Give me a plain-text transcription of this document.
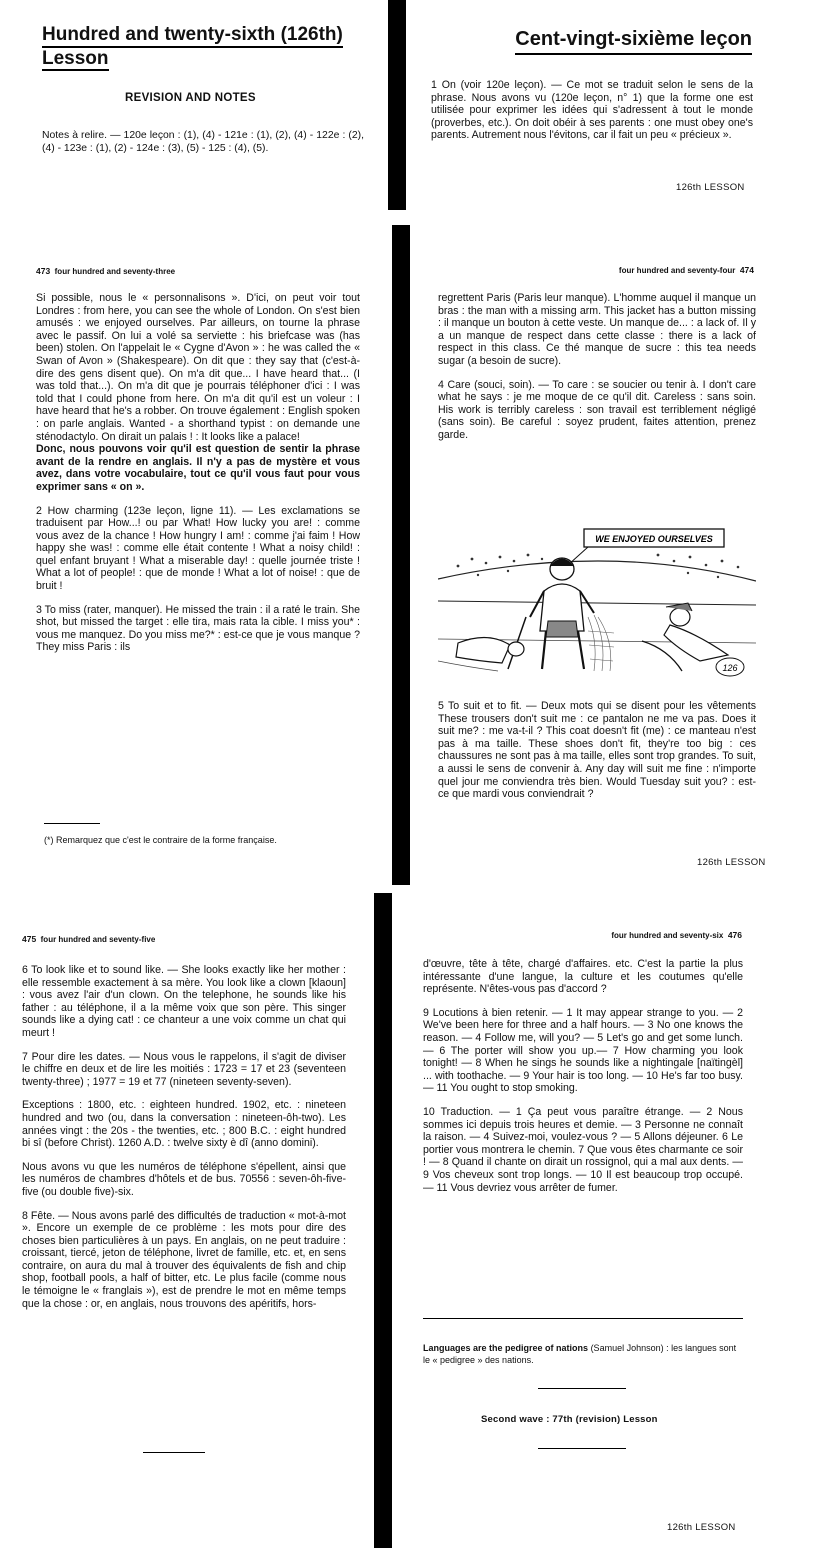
Hundred and twenty-sixth (126th)
Lesson
REVISION AND NOTES
Notes à relire. — 120e leçon : (1), (4) - 121e : (1), (2), (4) - 122e : (2), (4) - 123e : (1), (2) - 124e : (3), (5) - 125 : (4), (5).
Cent-vingt-sixième leçon
1 On (voir 120e leçon). — Ce mot se traduit selon le sens de la phrase. Nous avons vu (120e leçon, n° 1) que la forme one est utilisée pour exprimer les idées qui s'adressent à tout le monde (proverbes, etc.). On doit obéir à ses parents : one must obey one's parents. Autrement nous l'évitons, car il fait un peu « précieux ».
126th LESSON
473 four hundred and seventy-three

Si possible, nous le « personnalisons ». D'ici, on peut voir tout Londres : from here, you can see the whole of London. On s'est bien amusés : we enjoyed ourselves. Par ailleurs, on tourne la phrase avec le passif. On lui a volé sa serviette : his briefcase was (has been) stolen. On l'appelait le « Cygne d'Avon » : he was called the « Swan of Avon » (Shakespeare). On dit que : they say that (c'est-à-dire des gens disent que). On m'a dit que... I have heard that... (I was told that...). On m'a dit que je pourrais téléphoner d'ici : I was told that I could phone from here. On m'a dit qu'il est un voleur : I have heard that he's a robber. On trouve également : English spoken : on parle anglais. Wanted - a shorthand typist : on demande une sténodactylo. On dirait un palais ! : It looks like a palace!

Donc, nous pouvons voir qu'il est question de sentir la phrase avant de la rendre en anglais. Il n'y a pas de mystère et vous avez, dans votre vocabulaire, tout ce qu'il vous faut pour vous exprimer sans « on ».

2 How charming (123e leçon, ligne 11). — Les exclamations se traduisent par How...! ou par What! How lucky you are! : comme vous avez de la chance ! How hungry I am! : comme j'ai faim ! How happy she was! : comme elle était contente ! What a noisy child! : quel enfant bruyant ! What a miserable day! : quelle journée triste ! What a lot of people! : que de monde ! What a lot of noise! : que de bruit !

3 To miss (rater, manquer). He missed the train : il a raté le train. She shot, but missed the target : elle tira, mais rata la cible. I miss you* : vous me manquez. Do you miss me?* : est-ce que je vous manque ? They miss Paris : ils

(*) Remarquez que c'est le contraire de la forme française.
four hundred and seventy-four 474

regrettent Paris (Paris leur manque). L'homme auquel il manque un bras : the man with a missing arm. This jacket has a button missing : il manque un bouton à cette veste. Un manque de... : a lack of. Il y a un manque de respect dans cette classe : there is a lack of respect in this class. Ce thé manque de sucre : this tea needs sugar (a besoin de sucre).

4 Care (souci, soin). — To care : se soucier ou tenir à. I don't care what he says : je me moque de ce qu'il dit. Careless : sans soin. His work is terribly careless : son travail est terriblement négligé (sans soin). Be careful : soyez prudent, faites attention, prenez garde.

WE ENJOYED OURSELVES
126
5 To suit et to fit. — Deux mots qui se disent pour les vêtements These trousers don't suit me : ce pantalon ne me va pas. Does it suit me? : me va-t-il ? This coat doesn't fit (me) : ce manteau n'est pas à ma taille. These shoes don't fit, they're too big : ces chaussures ne sont pas à ma taille, elles sont trop grandes. To suit, a aussi le sens de convenir à. Any day will suit me fine : n'importe quel jour me conviendra très bien. Would Tuesday suit you? : est-ce que mardi vous conviendrait ?
126th LESSON
475 four hundred and seventy-five

6 To look like et to sound like. — She looks exactly like her mother : elle ressemble exactement à sa mère. You look like a clown [klaoun] : vous avez l'air d'un clown. On the telephone, he sounds like his father : au téléphone, il a la même voix que son père. This singer sounds like a dying cat! : ce chanteur a une voix comme un chat qui meurt !

7 Pour dire les dates. — Nous vous le rappelons, il s'agit de diviser le chiffre en deux et de lire les moitiés : 1723 = 17 et 23 (seventeen twenty-three) ; 1977 = 19 et 77 (nineteen seventy-seven).

Exceptions : 1800, etc. : eighteen hundred. 1902, etc. : nineteen hundred and two (ou, dans la conversation : nineteen-ôh-two). Les années vingt : the 20s - the twenties, etc. ; 800 B.C. : eight hundred bi sî (before Christ). 1260 A.D. : twelve sixty è dî (anno domini).

Nous avons vu que les numéros de téléphone s'épellent, ainsi que les numéros de chambres d'hôtels et de bus. 70556 : seven-ôh-five-five (ou double five)-six.

8 Fête. — Nous avons parlé des difficultés de traduction « mot-à-mot ». Encore un exemple de ce problème : les mots pour dire des choses bien particulières à un pays. En anglais, on ne peut traduire : croissant, tiercé, jeton de téléphone, livret de famille, etc. et, en sens contraire, on aura du mal à trouver des équivalents de fish and chip shop, football pools, a half of bitter, etc. Le plus facile (comme nous le témoigne le « franglais »), est de prendre le mot en même temps que la chose : or, en anglais, nous trouvons des apéritifs, hors-

four hundred and seventy-six 476

d'œuvre, tête à tête, chargé d'affaires. etc. C'est la partie la plus intéressante d'une langue, la culture et les coutumes qu'elle représente. N'êtes-vous pas d'accord ?

9 Locutions à bien retenir. — 1 It may appear strange to you. — 2 We've been here for three and a half hours. — 3 No one knows the reason. — 4 Follow me, will you? — 5 Let's go and get some lunch. — 6 The porter will show you up.— 7 How charming you look tonight! — 8 When he sings he sounds like a nightingale [naïtingèl] ... with toothache. — 9 Your hair is too long. — 10 He's far too busy. — 11 You ought to stop smoking.

10 Traduction. — 1 Ça peut vous paraître étrange. — 2 Nous sommes ici depuis trois heures et demie. — 3 Personne ne connaît la raison. — 4 Suivez-moi, voulez-vous ? — 5 Allons déjeuner. 6 Le portier vous montrera le chemin. 7 Que vous êtes charmante ce soir ! — 8 Quand il chante on dirait un rossignol, qui a mal aux dents. — 9 Vos cheveux sont trop longs. — 10 Il est beaucoup trop occupé. — 11 Vous devriez vous arrêter de fumer.

Languages are the pedigree of nations (Samuel Johnson) : les langues sont le « pedigree » des nations.
Second wave : 77th (revision) Lesson
126th LESSON
